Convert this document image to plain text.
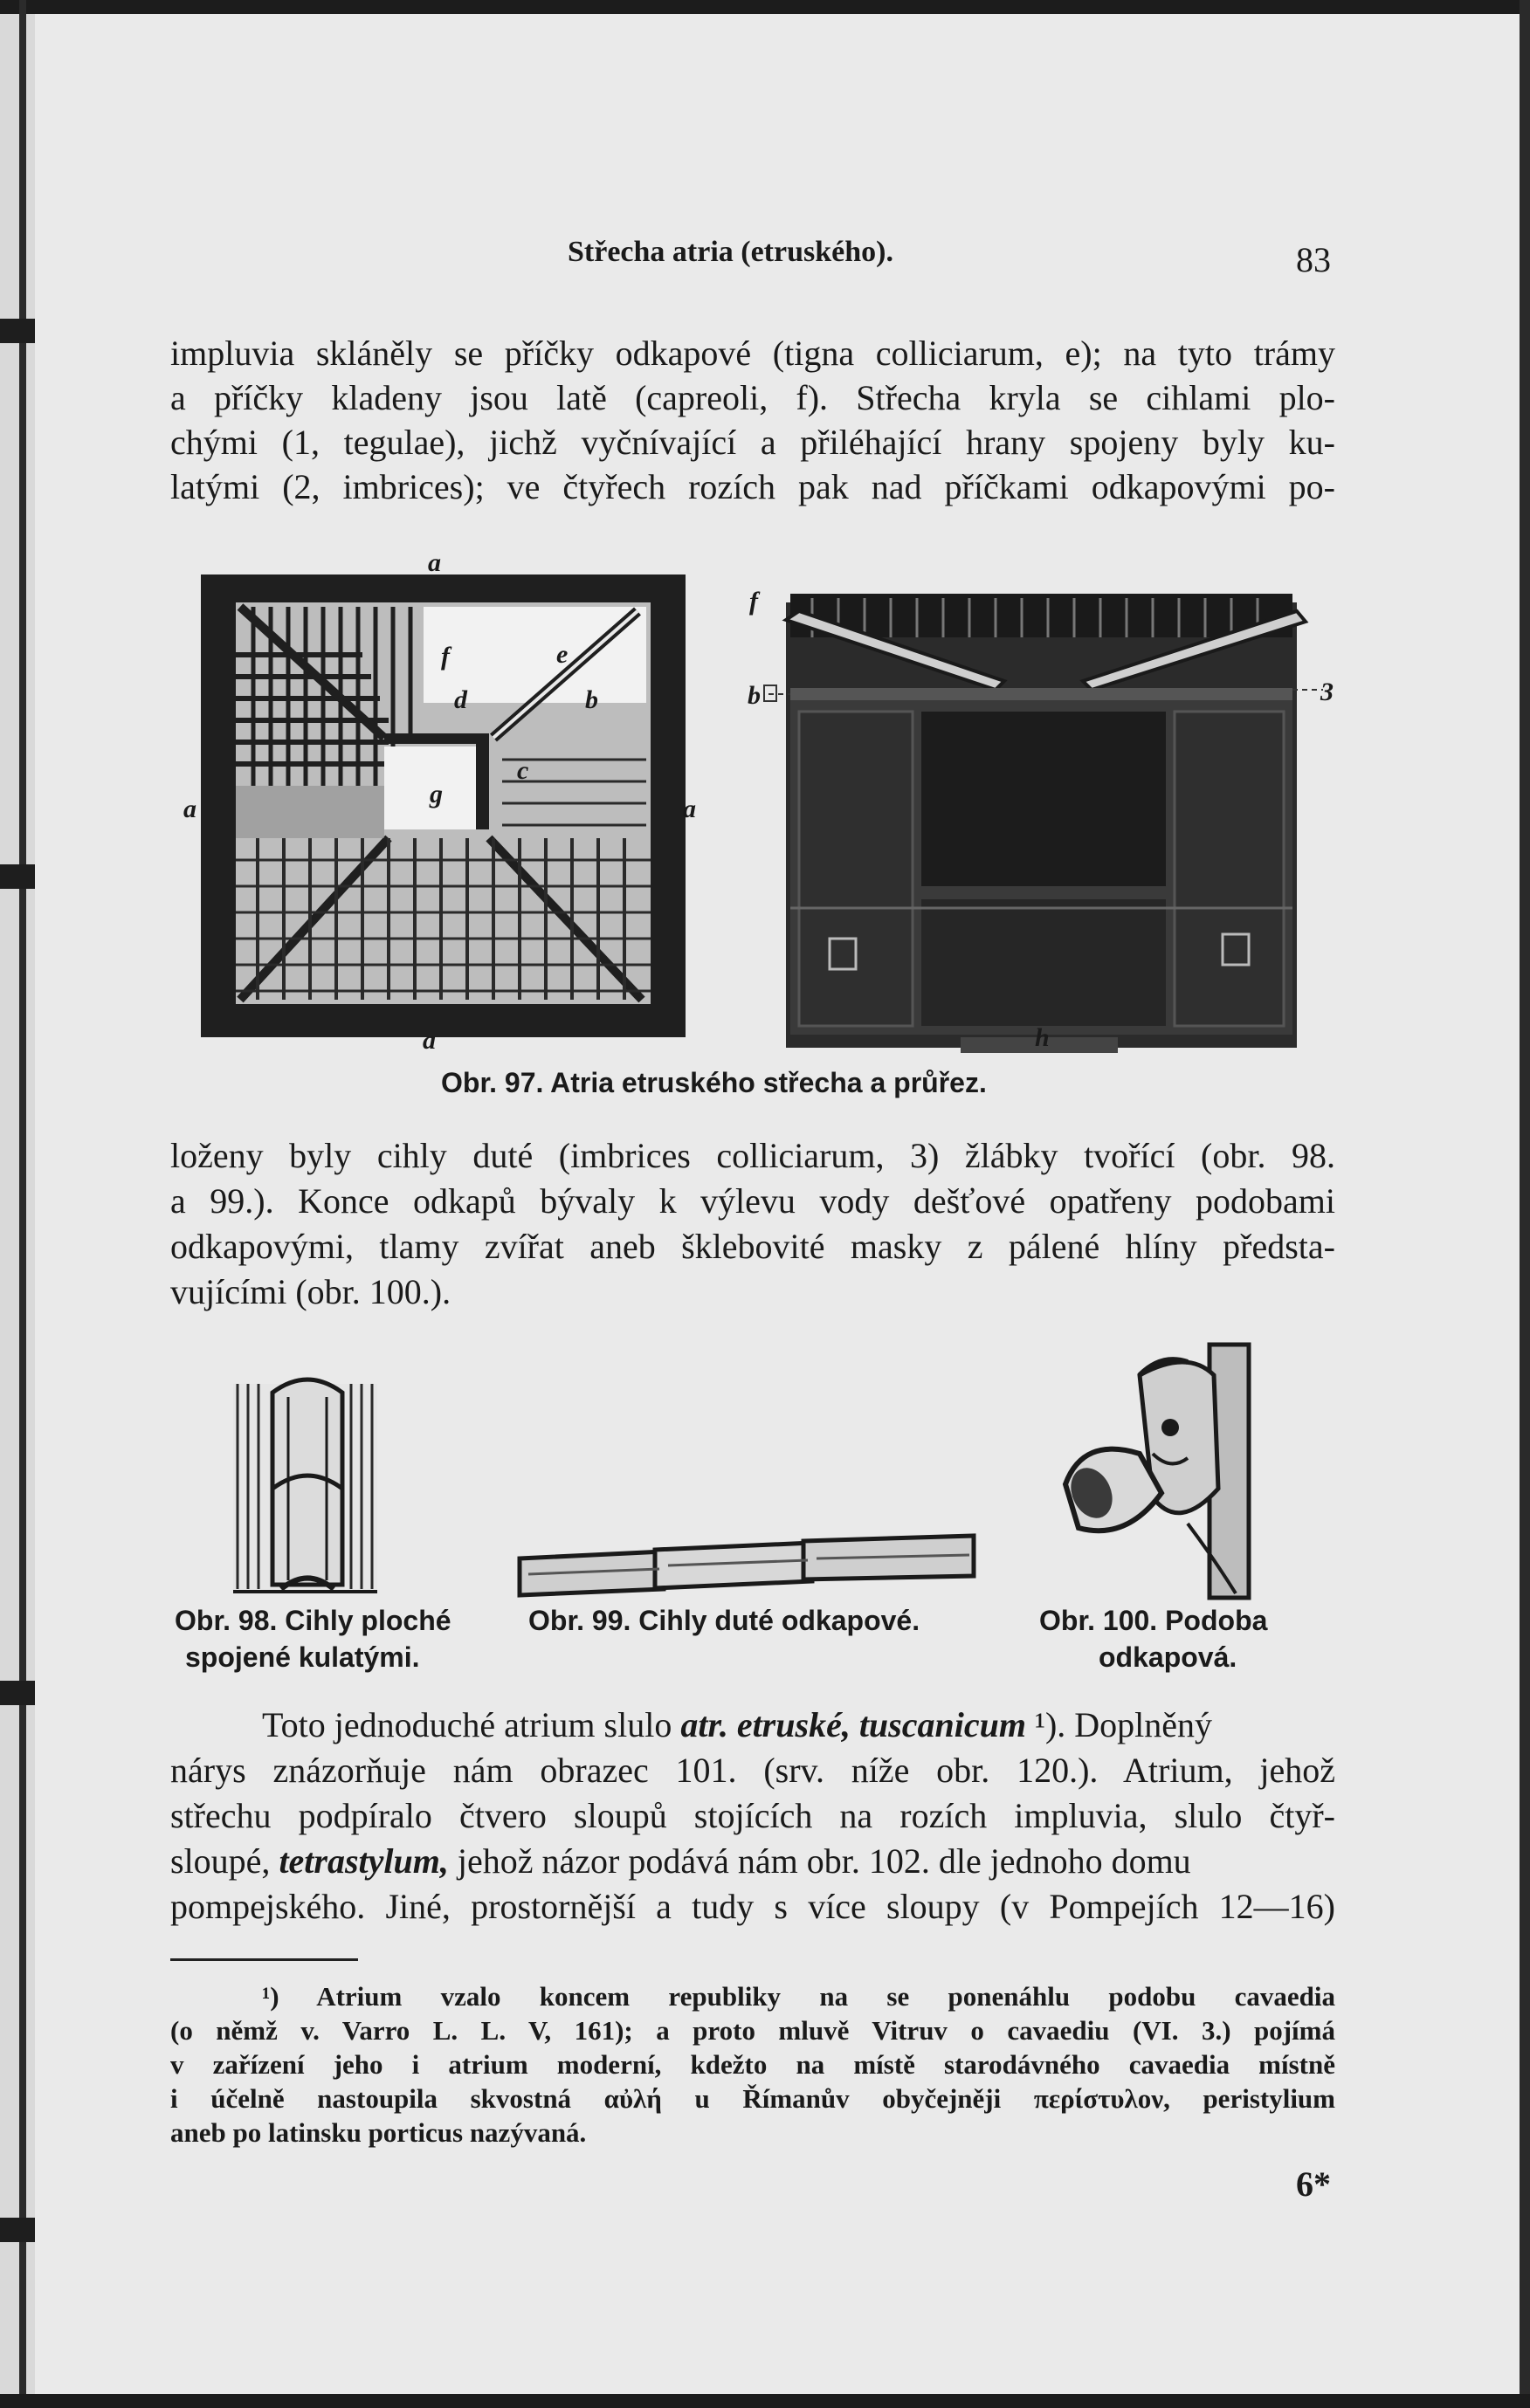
Střecha atria (etruského).	83
impluvia skláněly se příčky odkapové (tigna colliciarum, e); na tyto trámy
a příčky kladeny jsou latě (capreoli, f). Střecha kryla se cihlami plo-
chými (1, tegulae), jichž vyčnívající a přiléhající hrany spojeny byly ku-
latými (2, imbrices); ve čtyřech rozích pak nad příčkami odkapovými po-
a
a	a
a
f	e
d	b
g
c
f
b	3
h
Obr. 97. Atria etruského střecha a průřez.
loženy byly cihly duté (imbrices colliciarum, 3) žlábky tvořící (obr. 98.
a 99.). Konce odkapů bývaly k výlevu vody dešťové opatřeny podobami
odkapovými, tlamy zvířat aneb šklebovité masky z pálené hlíny předsta-
vujícími (obr. 100.).
Obr. 98. Cihly ploché
spojené kulatými.
Obr. 99. Cihly duté odkapové.	Obr. 100. Podoba
odkapová.
Toto jednoduché atrium slulo atr. etruské, tuscanicum ¹). Doplněný
nárys znázorňuje nám obrazec 101. (srv. níže obr. 120.). Atrium, jehož
střechu podpíralo čtvero sloupů stojících na rozích impluvia, slulo čtyř-
sloupé, tetrastylum, jehož názor podává nám obr. 102. dle jednoho domu
pompejského. Jiné, prostornější a tudy s více sloupy (v Pompejích 12—16)
¹) Atrium vzalo koncem republiky na se ponenáhlu podobu cavaedia
(o němž v. Varro L. L. V, 161); a proto mluvě Vitruv o cavaediu (VI. 3.) pojímá
v zařízení jeho i atrium moderní, kdežto na místě starodávného cavaedia místně
i účelně nastoupila skvostná αὐλή u Římanův obyčejněji περίστυλον, peristylium
aneb po latinsku porticus nazývaná.
6*
